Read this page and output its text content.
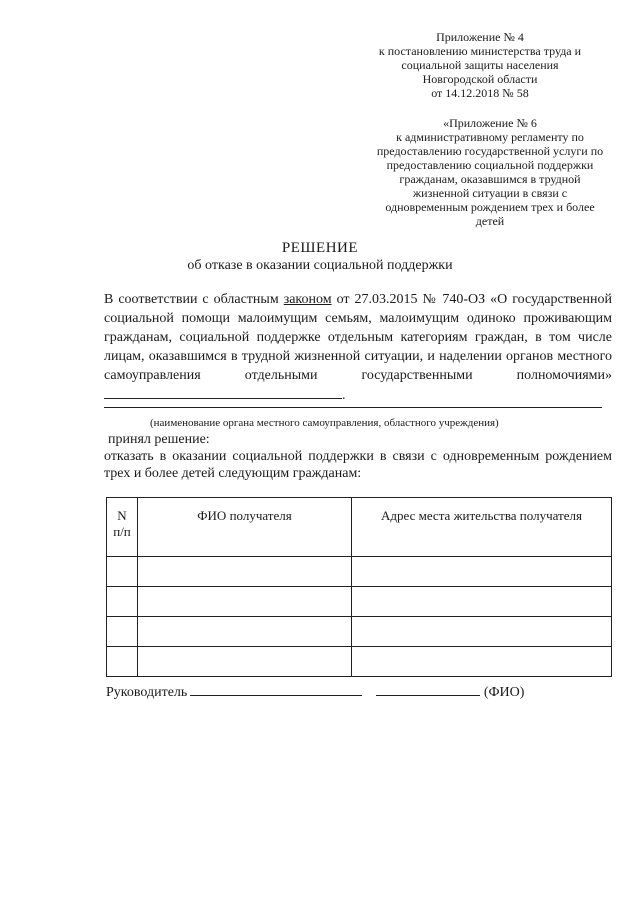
Приложение № 4
к постановлению министерства труда и
социальной защиты населения
Новгородской области
от 14.12.2018 № 58
«Приложение № 6
к административному регламенту по
предоставлению государственной услуги по
предоставлению социальной поддержки
гражданам, оказавшимся в трудной
жизненной ситуации в связи с
одновременным рождением трех и более
детей
РЕШЕНИЕ
об отказе в оказании социальной поддержки
В соответствии с областным законом от 27.03.2015 № 740-ОЗ «О государственной социальной помощи малоимущим семьям, малоимущим одиноко проживающим гражданам, социальной поддержке отдельным категориям граждан, в том числе лицам, оказавшимся в трудной жизненной ситуации, и наделении органов местного самоуправления отдельными государственными полномочиями» .
(наименование органа местного самоуправления, областного учреждения)
принял решение:
отказать в оказании социальной поддержки в связи с одновременным рождением трех и более детей следующим гражданам:
N
п/п	ФИО получателя	Адрес места жительства получателя

Руководитель	(ФИО)
